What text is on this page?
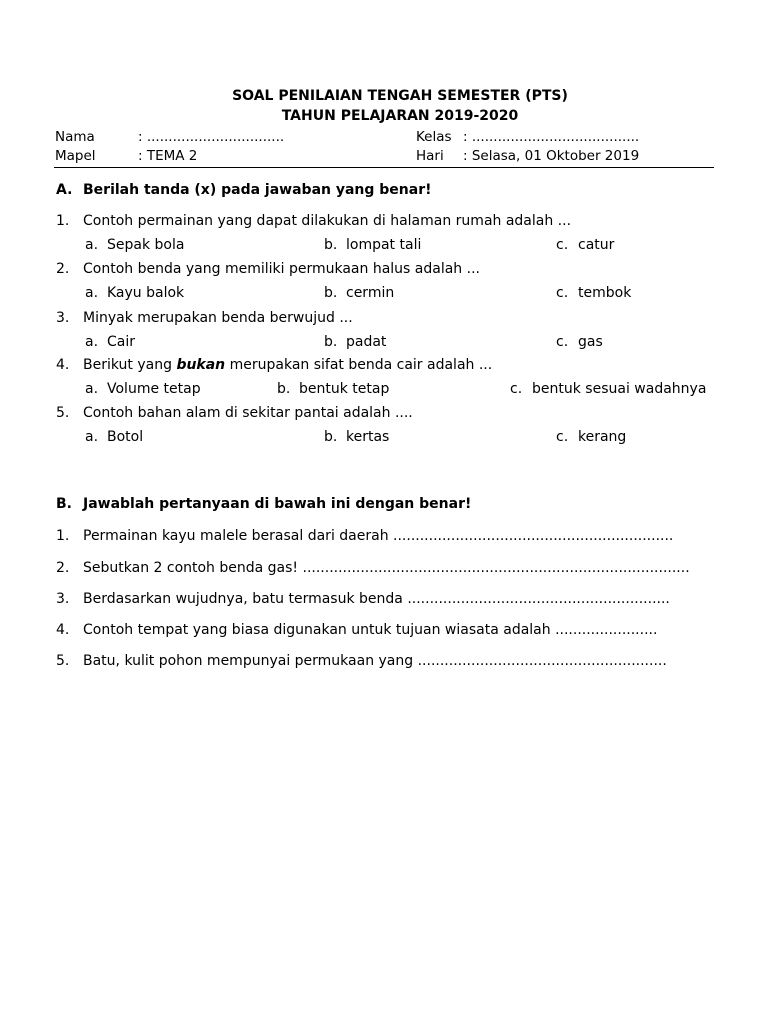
SOAL PENILAIAN TENGAH SEMESTER (PTS)
TAHUN PELAJARAN 2019-2020
Nama	: ................................	Kelas : .......................................
Mapel	: TEMA 2	Hari : Selasa, 01 Oktober 2019
A. Berilah tanda (x) pada jawaban yang benar!
1. Contoh permainan yang dapat dilakukan di halaman rumah adalah ...
a. Sepak bola	b. lompat tali	c. catur
2. Contoh benda yang memiliki permukaan halus adalah ...
a. Kayu balok	b. cermin	c. tembok
3. Minyak merupakan benda berwujud ...
a. Cair	b. padat	c. gas
4. Berikut yang bukan merupakan sifat benda cair adalah ...
a. Volume tetap	b. bentuk tetap	c. bentuk sesuai wadahnya
5. Contoh bahan alam di sekitar pantai adalah ....
a. Botol	b. kertas	c. kerang
B. Jawablah pertanyaan di bawah ini dengan benar!
1. Permainan kayu malele berasal dari daerah ...............................................................
2. Sebutkan 2 contoh benda gas! .......................................................................................
3. Berdasarkan wujudnya, batu termasuk benda ...........................................................
4. Contoh tempat yang biasa digunakan untuk tujuan wiasata adalah .......................
5. Batu, kulit pohon mempunyai permukaan yang ........................................................
